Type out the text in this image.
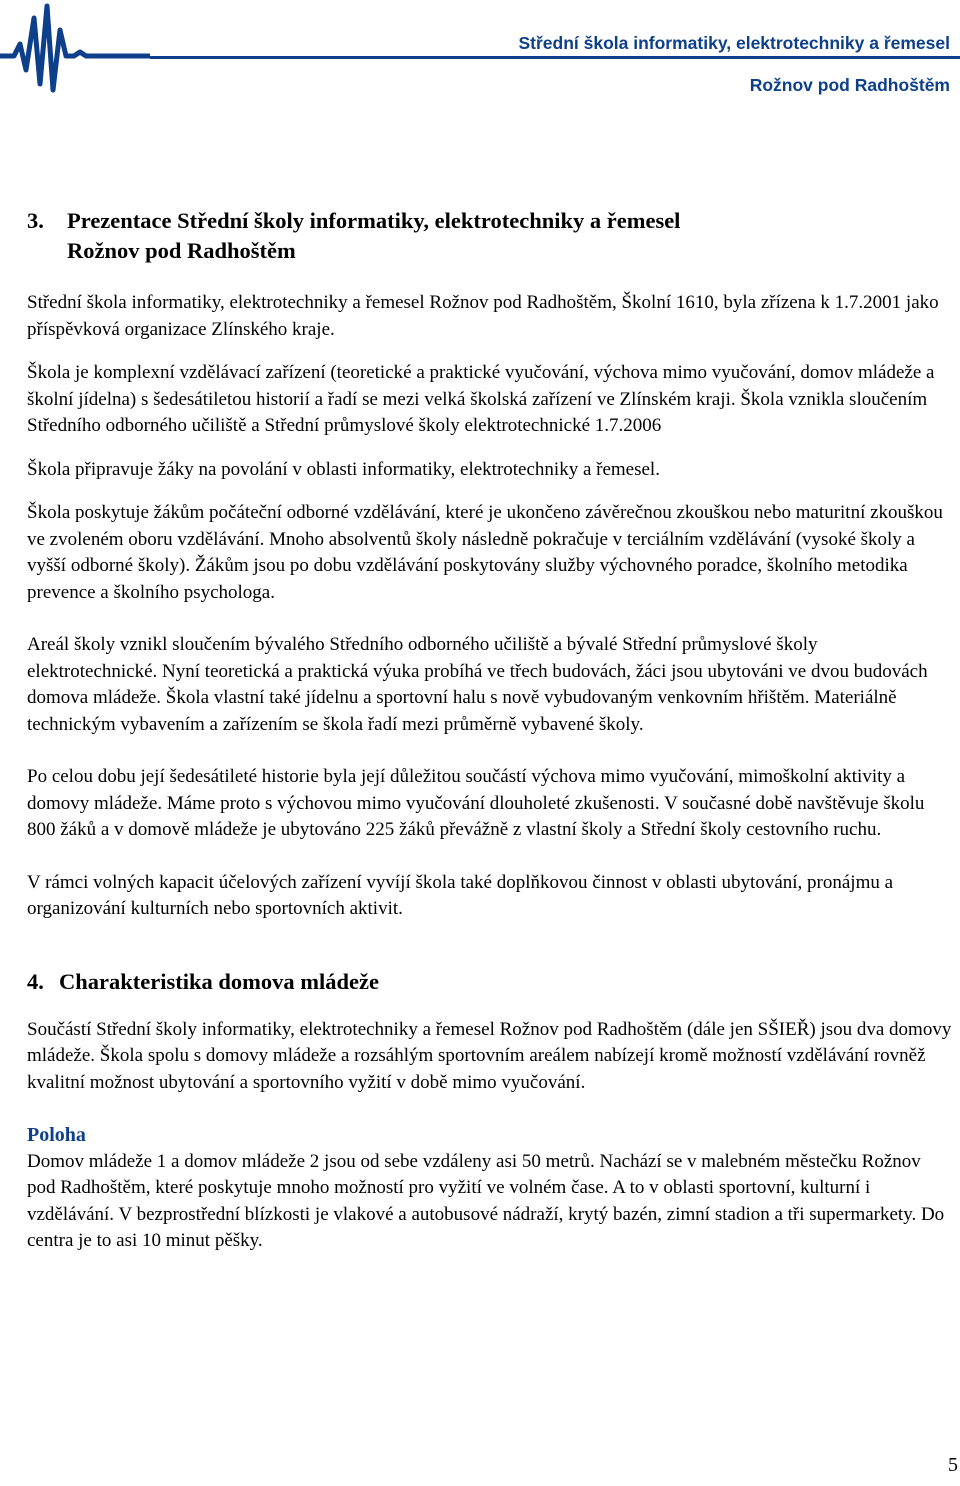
Střední škola informatiky, elektrotechniky a řemesel
Rožnov pod Radhoštěm
3.	Prezentace Střední školy informatiky, elektrotechniky a řemesel
Rožnov pod Radhoštěm

Střední škola informatiky, elektrotechniky a řemesel Rožnov pod Radhoštěm, Školní 1610, byla zřízena k 1.7.2001 jako příspěvková organizace Zlínského kraje.

Škola je komplexní vzdělávací zařízení (teoretické a praktické vyučování, výchova mimo vyučování, domov mládeže a školní jídelna) s šedesátiletou historií a řadí se mezi velká školská zařízení ve Zlínském kraji. Škola vznikla sloučením Středního odborného učiliště a Střední průmyslové školy elektrotechnické 1.7.2006

Škola připravuje žáky na povolání v oblasti informatiky, elektrotechniky a řemesel.

Škola poskytuje žákům počáteční odborné vzdělávání, které je ukončeno závěrečnou zkouškou nebo maturitní zkouškou ve zvoleném oboru vzdělávání. Mnoho absolventů školy následně pokračuje v terciálním vzdělávání (vysoké školy a vyšší odborné školy). Žákům jsou po dobu vzdělávání poskytovány služby výchovného poradce, školního metodika prevence a školního psychologa.

Areál školy vznikl sloučením bývalého Středního odborného učiliště a bývalé Střední průmyslové školy elektrotechnické. Nyní teoretická a praktická výuka probíhá ve třech budovách, žáci jsou ubytováni ve dvou budovách domova mládeže. Škola vlastní také jídelnu a sportovní halu s nově vybudovaným venkovním hřištěm. Materiálně technickým vybavením a zařízením se škola řadí mezi průměrně vybavené školy.

Po celou dobu její šedesátileté historie byla její důležitou součástí výchova mimo vyučování, mimoškolní aktivity a domovy mládeže. Máme proto s výchovou mimo vyučování dlouholeté zkušenosti. V současné době navštěvuje školu 800 žáků a v domově mládeže je ubytováno 225 žáků převážně z vlastní školy a Střední školy cestovního ruchu.

V rámci volných kapacit účelových zařízení vyvíjí škola také doplňkovou činnost v oblasti ubytování, pronájmu a organizování kulturních nebo sportovních aktivit.

4. Charakteristika domova mládeže

Součástí Střední školy informatiky, elektrotechniky a řemesel Rožnov pod Radhoštěm (dále jen SŠIEŘ) jsou dva domovy mládeže. Škola spolu s domovy mládeže a rozsáhlým sportovním areálem nabízejí kromě možností vzdělávání rovněž kvalitní možnost ubytování a sportovního vyžití v době mimo vyučování.

Poloha

Domov mládeže 1 a domov mládeže 2 jsou od sebe vzdáleny asi 50 metrů. Nachází se v malebném městečku Rožnov pod Radhoštěm, které poskytuje mnoho možností pro vyžití ve volném čase. A to v oblasti sportovní, kulturní i vzdělávání. V bezprostřední blízkosti je vlakové a autobusové nádraží, krytý bazén, zimní stadion a tři supermarkety. Do centra je to asi 10 minut pěšky.

5
